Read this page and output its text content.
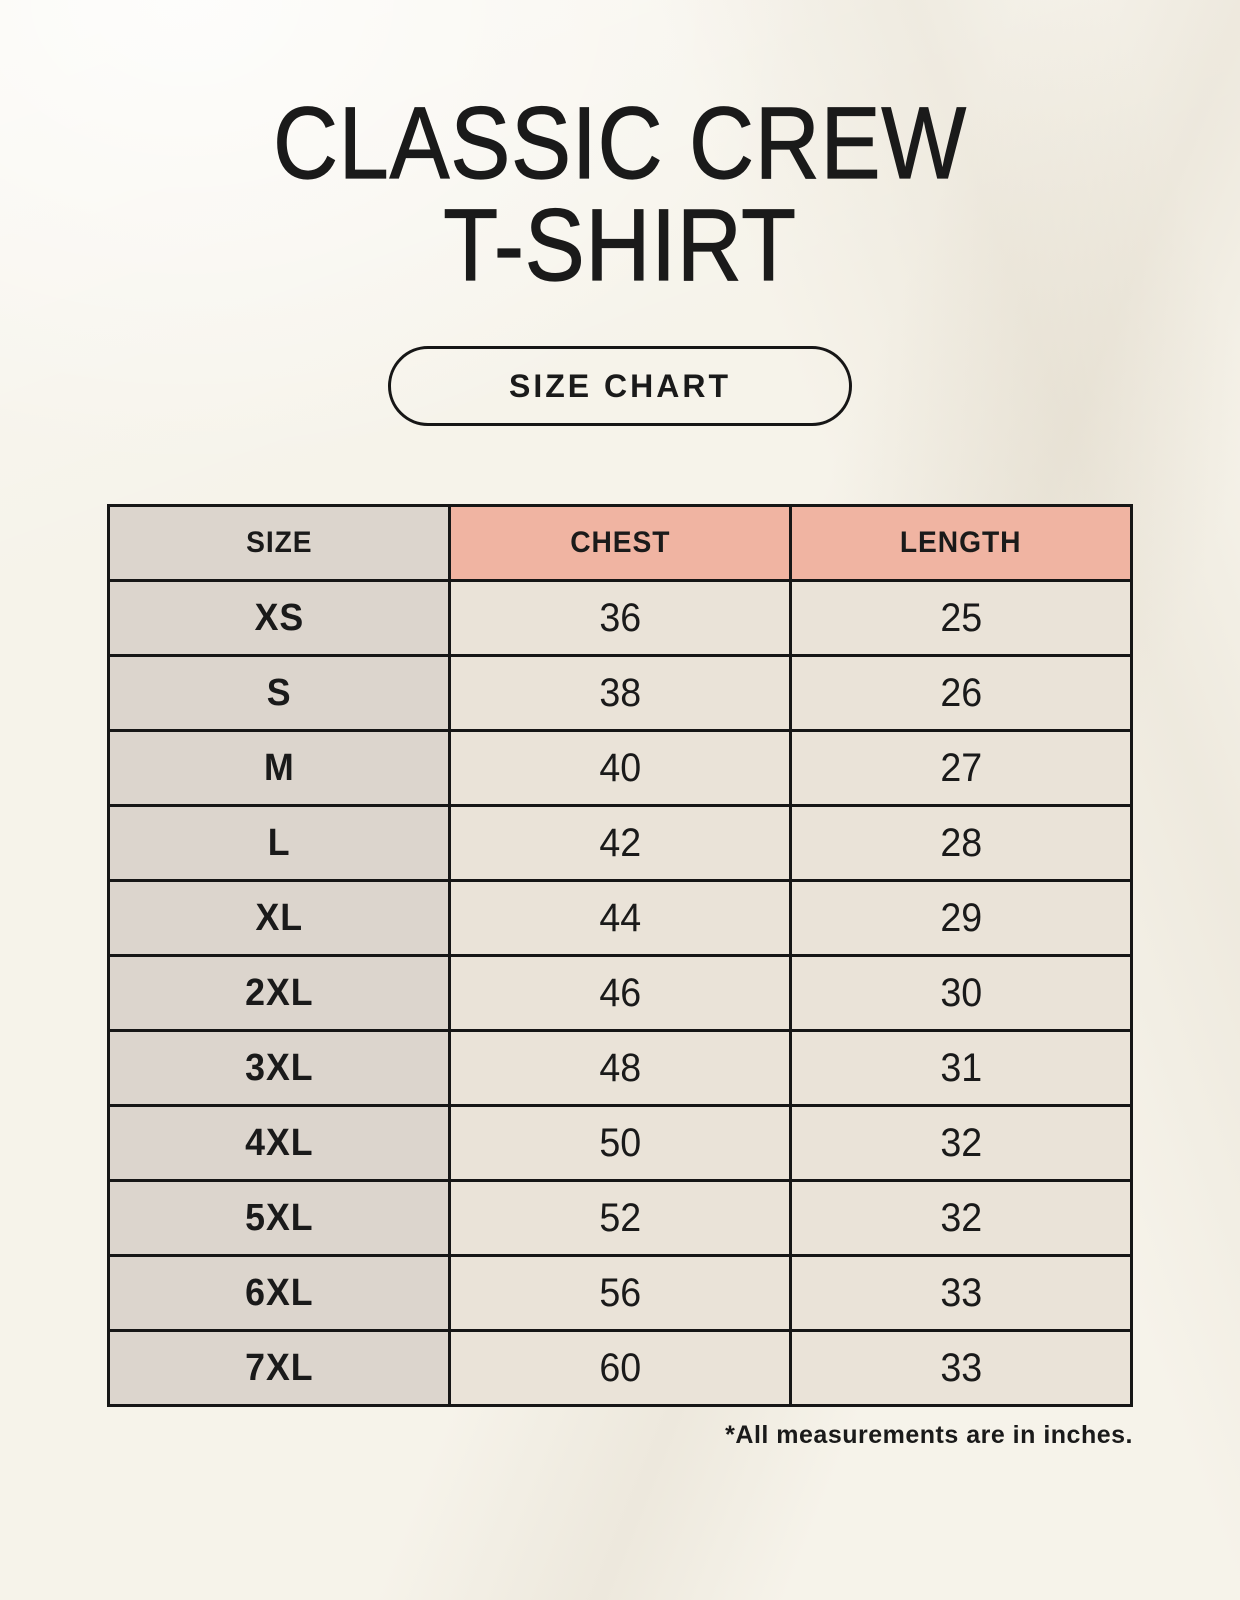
CLASSIC CREW
T-SHIRT
SIZE CHART
SIZE	CHEST	LENGTH
XS	36	25
S	38	26
M	40	27
L	42	28
XL	44	29
2XL	46	30
3XL	48	31
4XL	50	32
5XL	52	32
6XL	56	33
7XL	60	33

*All measurements are in inches.
